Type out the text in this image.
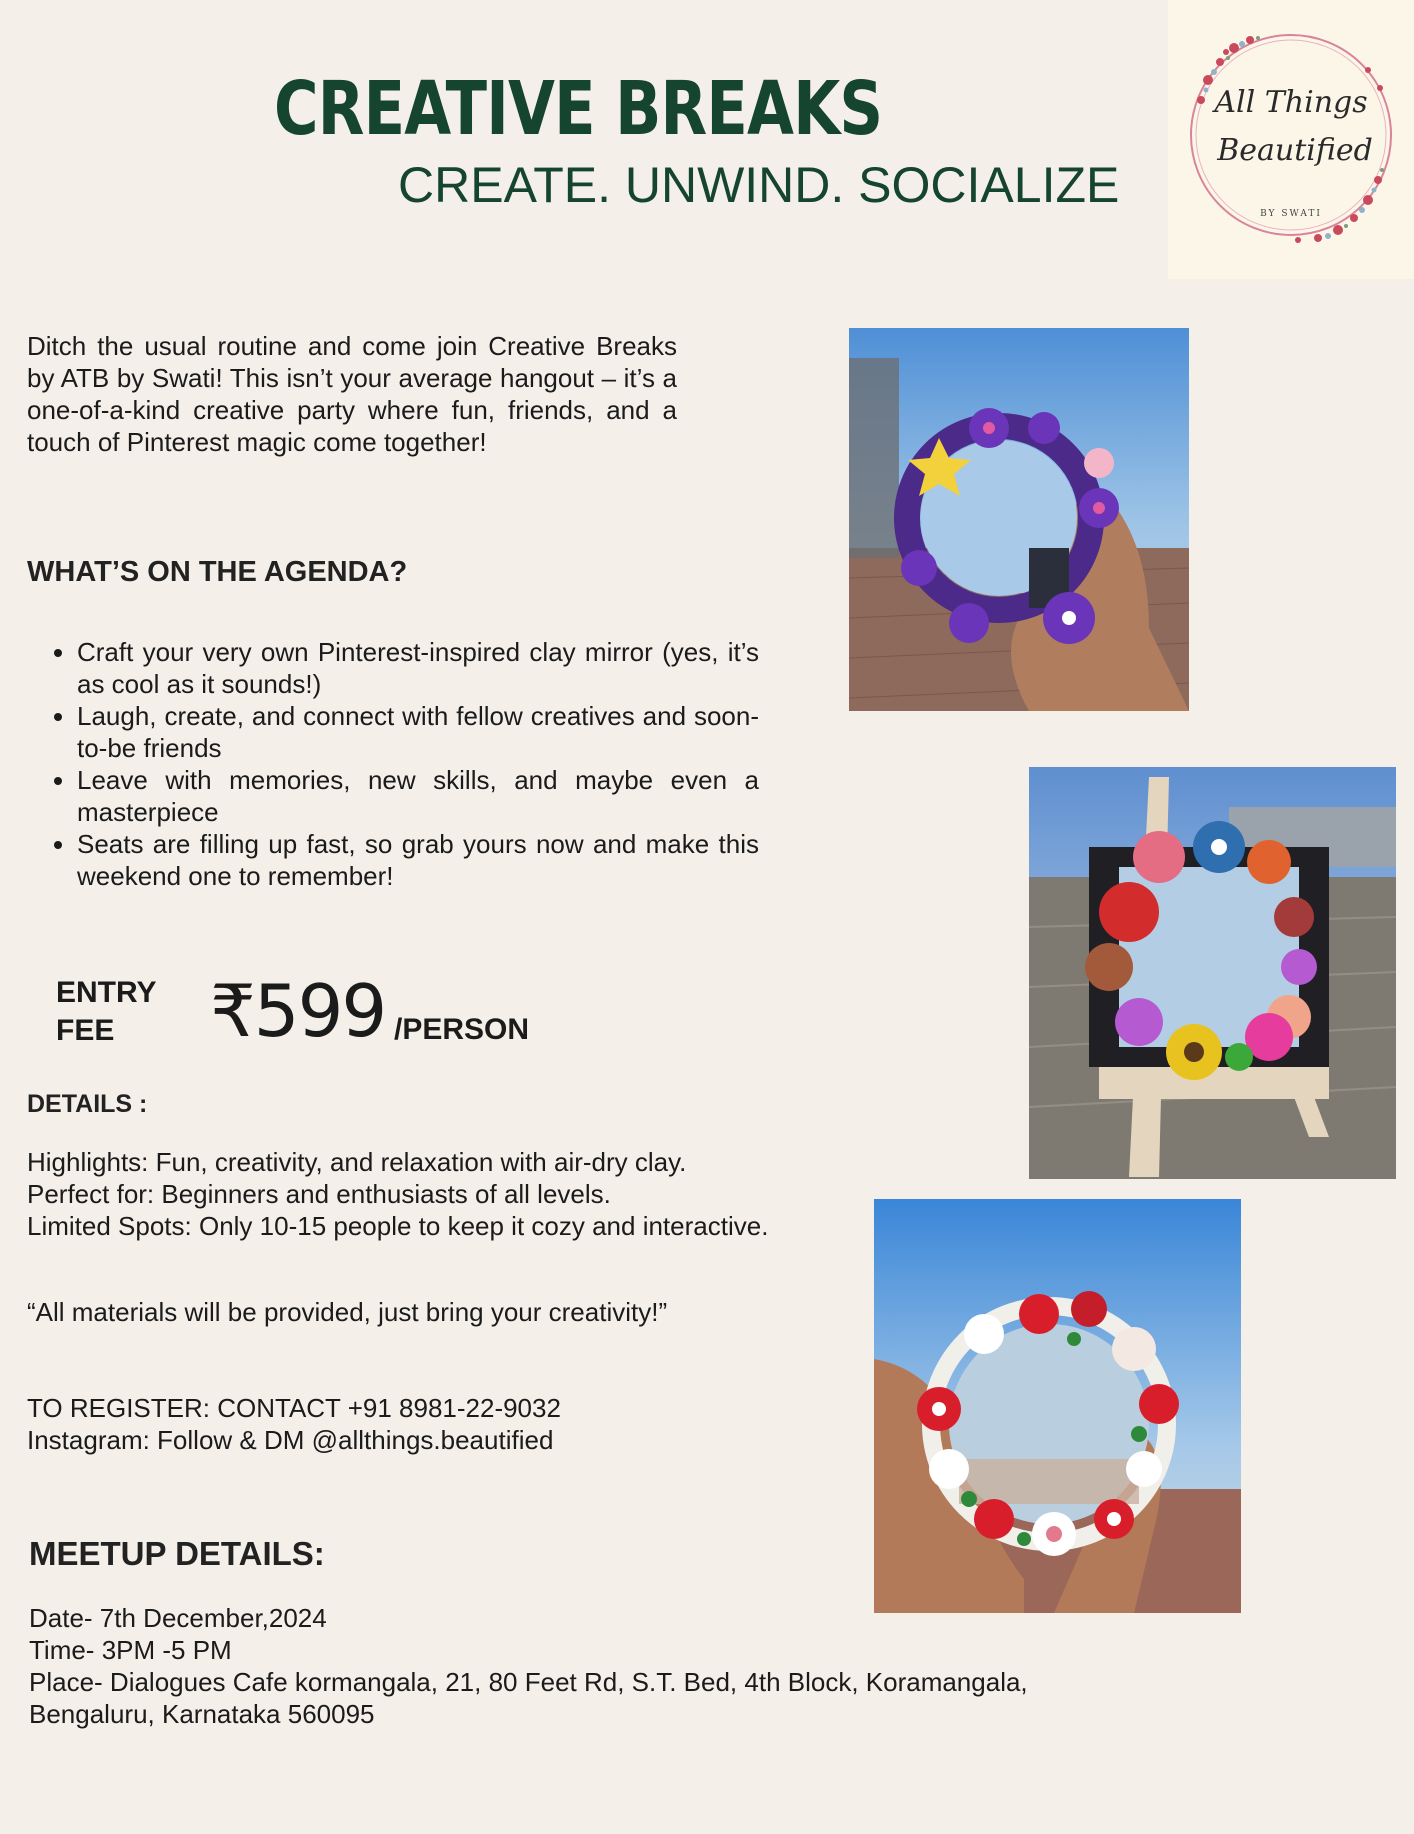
CREATIVE BREAKS
CREATE. UNWIND. SOCIALIZE
All Things
Beautified
BY SWATI

Ditch the usual routine and come join Creative Breaks by ATB by Swati! This isn’t your average hangout – it’s a one-of-a-kind creative party where fun, friends, and a touch of Pinterest magic come together!

WHAT’S ON THE AGENDA?
• Craft your very own Pinterest-inspired clay mirror (yes, it’s as cool as it sounds!)
• Laugh, create, and connect with fellow creatives and soon-to-be friends
• Leave with memories, new skills, and maybe even a masterpiece
• Seats are filling up fast, so grab yours now and make this weekend one to remember!
ENTRY
FEE	₹599 /PERSON
DETAILS :

Highlights: Fun, creativity, and relaxation with air-dry clay.

Perfect for: Beginners and enthusiasts of all levels.

Limited Spots: Only 10-15 people to keep it cozy and interactive.

“All materials will be provided, just bring your creativity!”

TO REGISTER: CONTACT +91 8981-22-9032

Instagram: Follow & DM @allthings.beautified

MEETUP DETAILS:

Date- 7th December,2024

Time- 3PM -5 PM

Place- Dialogues Cafe kormangala, 21, 80 Feet Rd, S.T. Bed, 4th Block, Koramangala,

Bengaluru, Karnataka 560095
